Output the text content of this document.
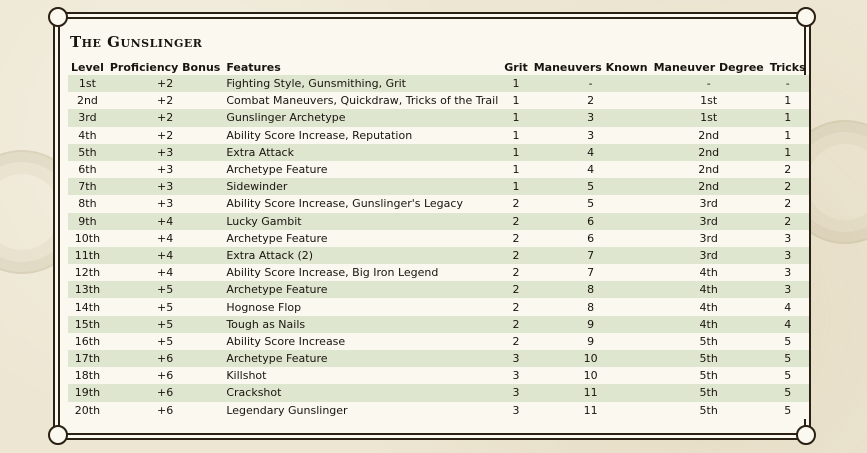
The Gunslinger
Level	Proficiency Bonus	Features	Grit	Maneuvers Known	Maneuver Degree	Tricks
1st	+2	Fighting Style, Gunsmithing, Grit	1	-	-	-
2nd	+2	Combat Maneuvers, Quickdraw, Tricks of the Trail	1	2	1st	1
3rd	+2	Gunslinger Archetype	1	3	1st	1
4th	+2	Ability Score Increase, Reputation	1	3	2nd	1
5th	+3	Extra Attack	1	4	2nd	1
6th	+3	Archetype Feature	1	4	2nd	2
7th	+3	Sidewinder	1	5	2nd	2
8th	+3	Ability Score Increase, Gunslinger's Legacy	2	5	3rd	2
9th	+4	Lucky Gambit	2	6	3rd	2
10th	+4	Archetype Feature	2	6	3rd	3
11th	+4	Extra Attack (2)	2	7	3rd	3
12th	+4	Ability Score Increase, Big Iron Legend	2	7	4th	3
13th	+5	Archetype Feature	2	8	4th	3
14th	+5	Hognose Flop	2	8	4th	4
15th	+5	Tough as Nails	2	9	4th	4
16th	+5	Ability Score Increase	2	9	5th	5
17th	+6	Archetype Feature	3	10	5th	5
18th	+6	Killshot	3	10	5th	5
19th	+6	Crackshot	3	11	5th	5
20th	+6	Legendary Gunslinger	3	11	5th	5
